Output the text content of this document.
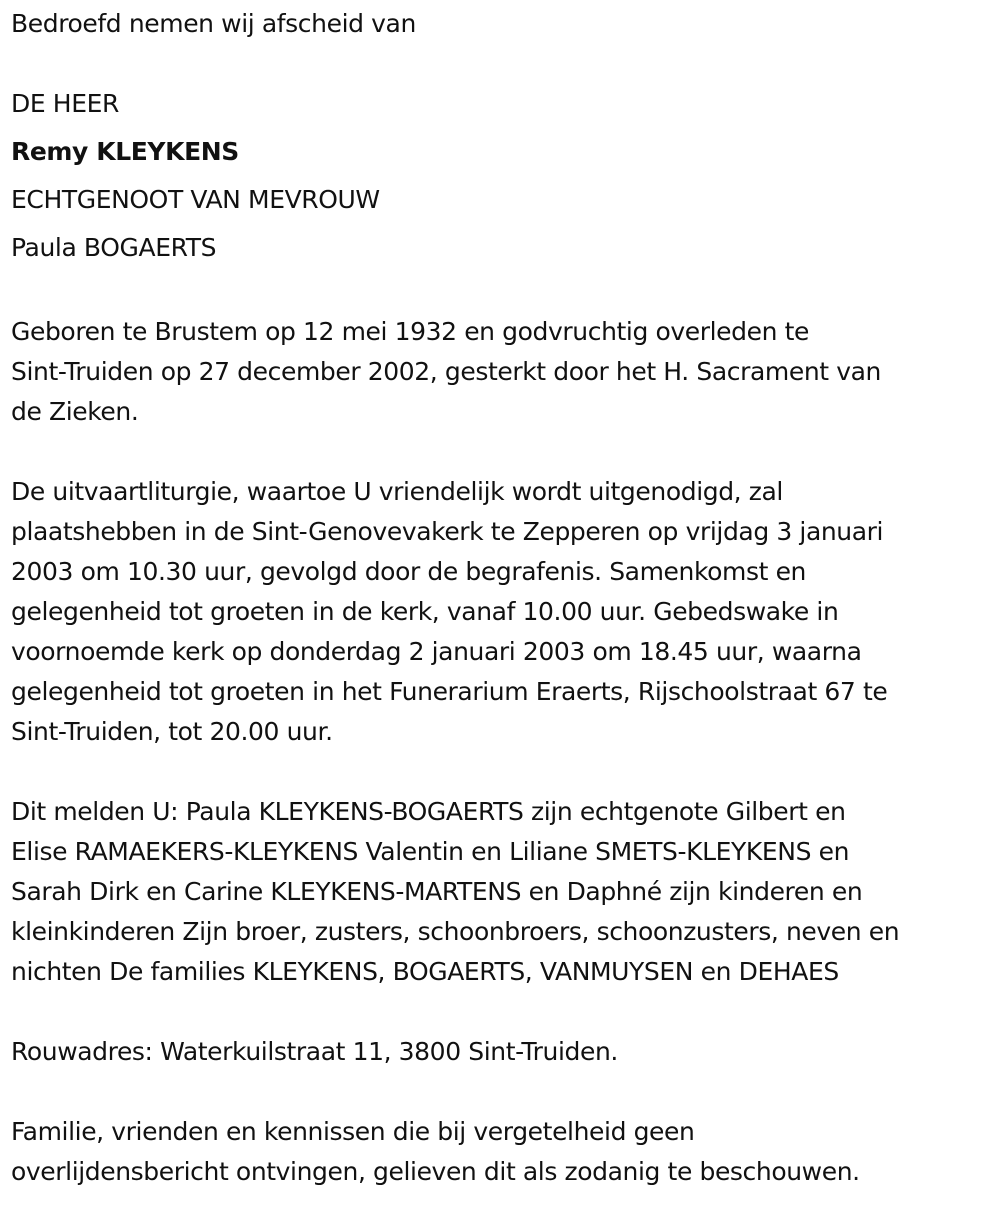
Bedroefd nemen wij afscheid van

DE HEER

Remy KLEYKENS

ECHTGENOOT VAN MEVROUW

Paula BOGAERTS

Geboren te Brustem op 12 mei 1932 en godvruchtig overleden te

Sint-Truiden op 27 december 2002, gesterkt door het H. Sacrament van

de Zieken.

De uitvaartliturgie, waartoe U vriendelijk wordt uitgenodigd, zal

plaatshebben in de Sint-Genovevakerk te Zepperen op vrijdag 3 januari

2003 om 10.30 uur, gevolgd door de begrafenis. Samenkomst en

gelegenheid tot groeten in de kerk, vanaf 10.00 uur. Gebedswake in

voornoemde kerk op donderdag 2 januari 2003 om 18.45 uur, waarna

gelegenheid tot groeten in het Funerarium Eraerts, Rijschoolstraat 67 te

Sint-Truiden, tot 20.00 uur.

Dit melden U: Paula KLEYKENS-BOGAERTS zijn echtgenote Gilbert en

Elise RAMAEKERS-KLEYKENS Valentin en Liliane SMETS-KLEYKENS en

Sarah Dirk en Carine KLEYKENS-MARTENS en Daphné zijn kinderen en

kleinkinderen Zijn broer, zusters, schoonbroers, schoonzusters, neven en

nichten De families KLEYKENS, BOGAERTS, VANMUYSEN en DEHAES

Rouwadres: Waterkuilstraat 11, 3800 Sint-Truiden.

Familie, vrienden en kennissen die bij vergetelheid geen

overlijdensbericht ontvingen, gelieven dit als zodanig te beschouwen.
